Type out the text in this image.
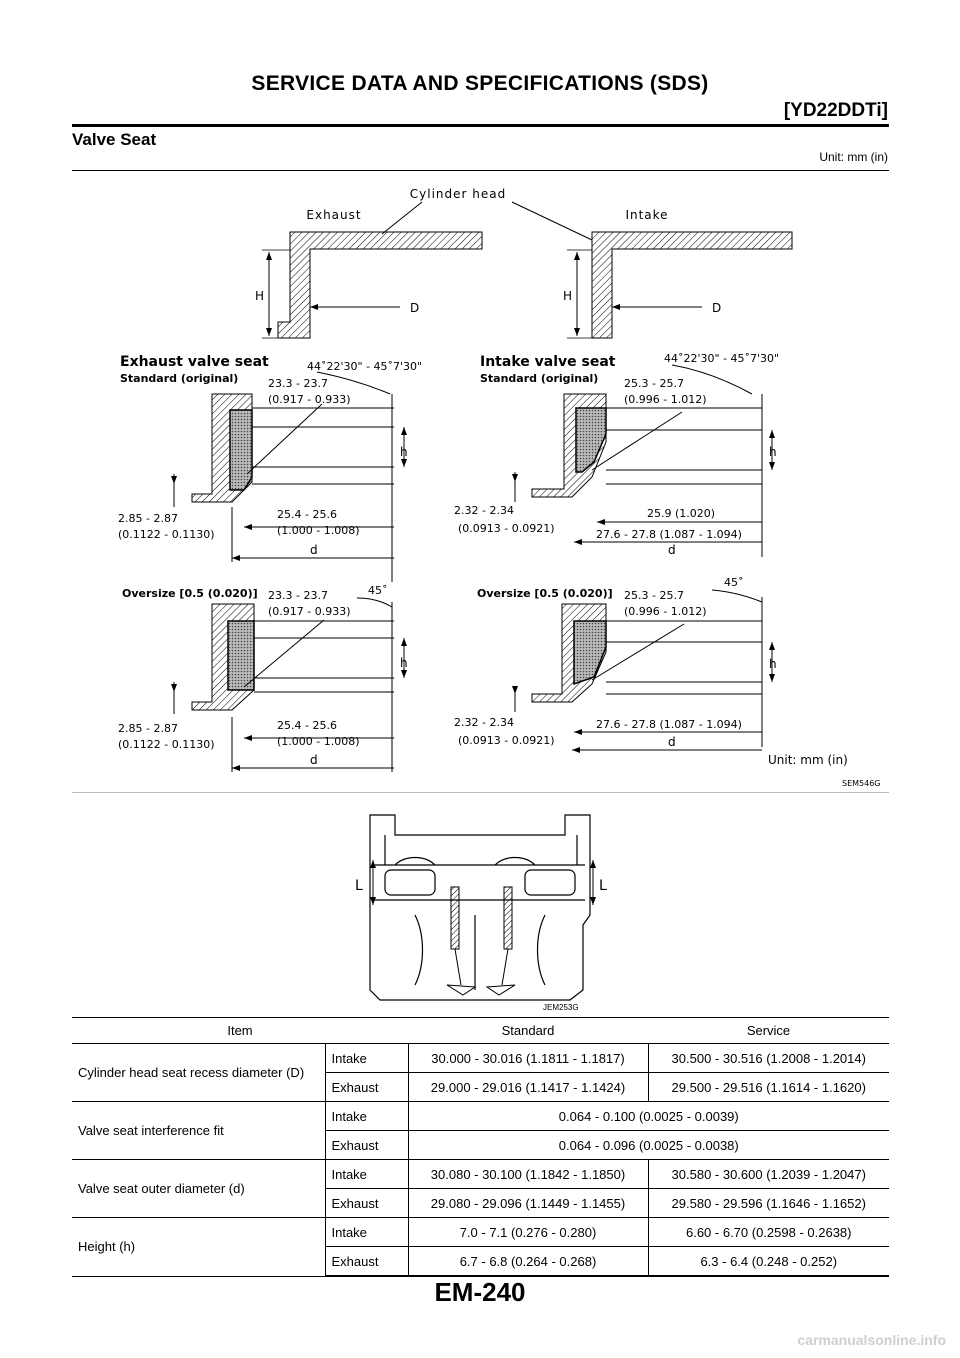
SERVICE DATA AND SPECIFICATIONS (SDS)
[YD22DDTi]
Valve Seat
Unit: mm (in)
Cylinder head
Exhaust	Intake
H
D
H
D
Exhaust valve seat
Standard (original)
44˚22'30" - 45˚7'30"
23.3 - 23.7
(0.917 - 0.933)
h
2.85 - 2.87
(0.1122 - 0.1130)
25.4 - 25.6
(1.000 - 1.008)
d
Intake valve seat
Standard (original)
44˚22'30" - 45˚7'30"
25.3 - 25.7
(0.996 - 1.012)
h
2.32 - 2.34
(0.0913 - 0.0921)
25.9 (1.020)
27.6 - 27.8 (1.087 - 1.094)
d
Oversize [0.5 (0.020)]	45˚
23.3 - 23.7
(0.917 - 0.933)
h
2.85 - 2.87
(0.1122 - 0.1130)
25.4 - 25.6
(1.000 - 1.008)
d
Oversize [0.5 (0.020)]
45˚
25.3 - 25.7
(0.996 - 1.012)
h
2.32 - 2.34
(0.0913 - 0.0921)
27.6 - 27.8 (1.087 - 1.094)
d
Unit: mm (in)
SEM546G
L	L
JEM253G
Item		Standard	Service
Cylinder head seat recess diameter (D)	Intake	30.000 - 30.016 (1.1811 - 1.1817)	30.500 - 30.516 (1.2008 - 1.2014)
	Exhaust	29.000 - 29.016 (1.1417 - 1.1424)	29.500 - 29.516 (1.1614 - 1.1620)
Valve seat interference fit	Intake	0.064 - 0.100 (0.0025 - 0.0039)	
	Exhaust	0.064 - 0.096 (0.0025 - 0.0038)	
Valve seat outer diameter (d)	Intake	30.080 - 30.100 (1.1842 - 1.1850)	30.580 - 30.600 (1.2039 - 1.2047)
	Exhaust	29.080 - 29.096 (1.1449 - 1.1455)	29.580 - 29.596 (1.1646 - 1.1652)
Height (h)	Intake	7.0 - 7.1 (0.276 - 0.280)	6.60 - 6.70 (0.2598 - 0.2638)
	Exhaust	6.7 - 6.8 (0.264 - 0.268)	6.3 - 6.4 (0.248 - 0.252)
EM-240
carmanualsonline.info
